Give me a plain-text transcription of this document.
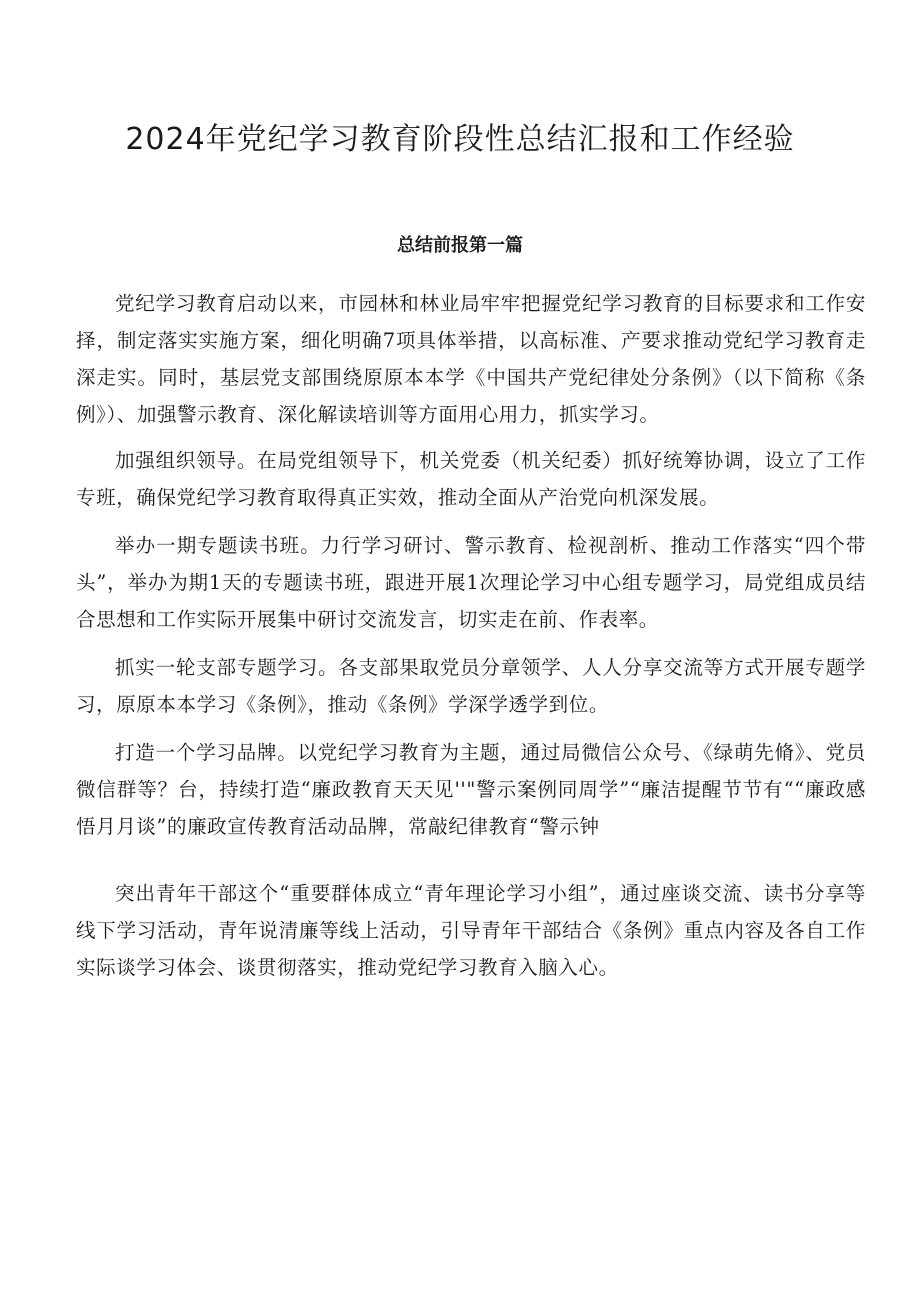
2024年党纪学习教育阶段性总结汇报和工作经验
总结前报第一篇

党纪学习教育启动以来，市园林和林业局牢牢把握党纪学习教育的目标要求和工作安择，制定落实实施方案，细化明确7项具体举措，以高标准、产要求推动党纪学习教育走深走实。同时，基层党支部围绕原原本本学《中国共产党纪律处分条例》（以下简称《条例》）、加强警示教育、深化解读培训等方面用心用力，抓实学习。

加强组织领导。在局党组领导下，机关党委（机关纪委）抓好统筹协调，设立了工作专班，确保党纪学习教育取得真正实效，推动全面从产治党向机深发展。

举办一期专题读书班。力行学习研讨、警示教育、检视剖析、推动工作落实“四个带头”，举办为期1天的专题读书班，跟进开展1次理论学习中心组专题学习，局党组成员结合思想和工作实际开展集中研讨交流发言，切实走在前、作表率。

抓实一轮支部专题学习。各支部果取党员分章领学、人人分享交流等方式开展专题学习，原原本本学习《条例》，推动《条例》学深学透学到位。

打造一个学习品牌。以党纪学习教育为主题，通过局微信公众号、《绿萌先脩》、党员微信群等？台，持续打造“廉政教育天天见''"警示案例同周学”“廉洁提醒节节有““廉政感悟月月谈”的廉政宣传教育活动品牌，常敲纪律教育“警示钟

突出青年干部这个“重要群体成立“青年理论学习小组”，通过座谈交流、读书分享等线下学习活动，青年说清廉等线上活动，引导青年干部结合《条例》重点内容及各自工作实际谈学习体会、谈贯彻落实，推动党纪学习教育入脑入心。
